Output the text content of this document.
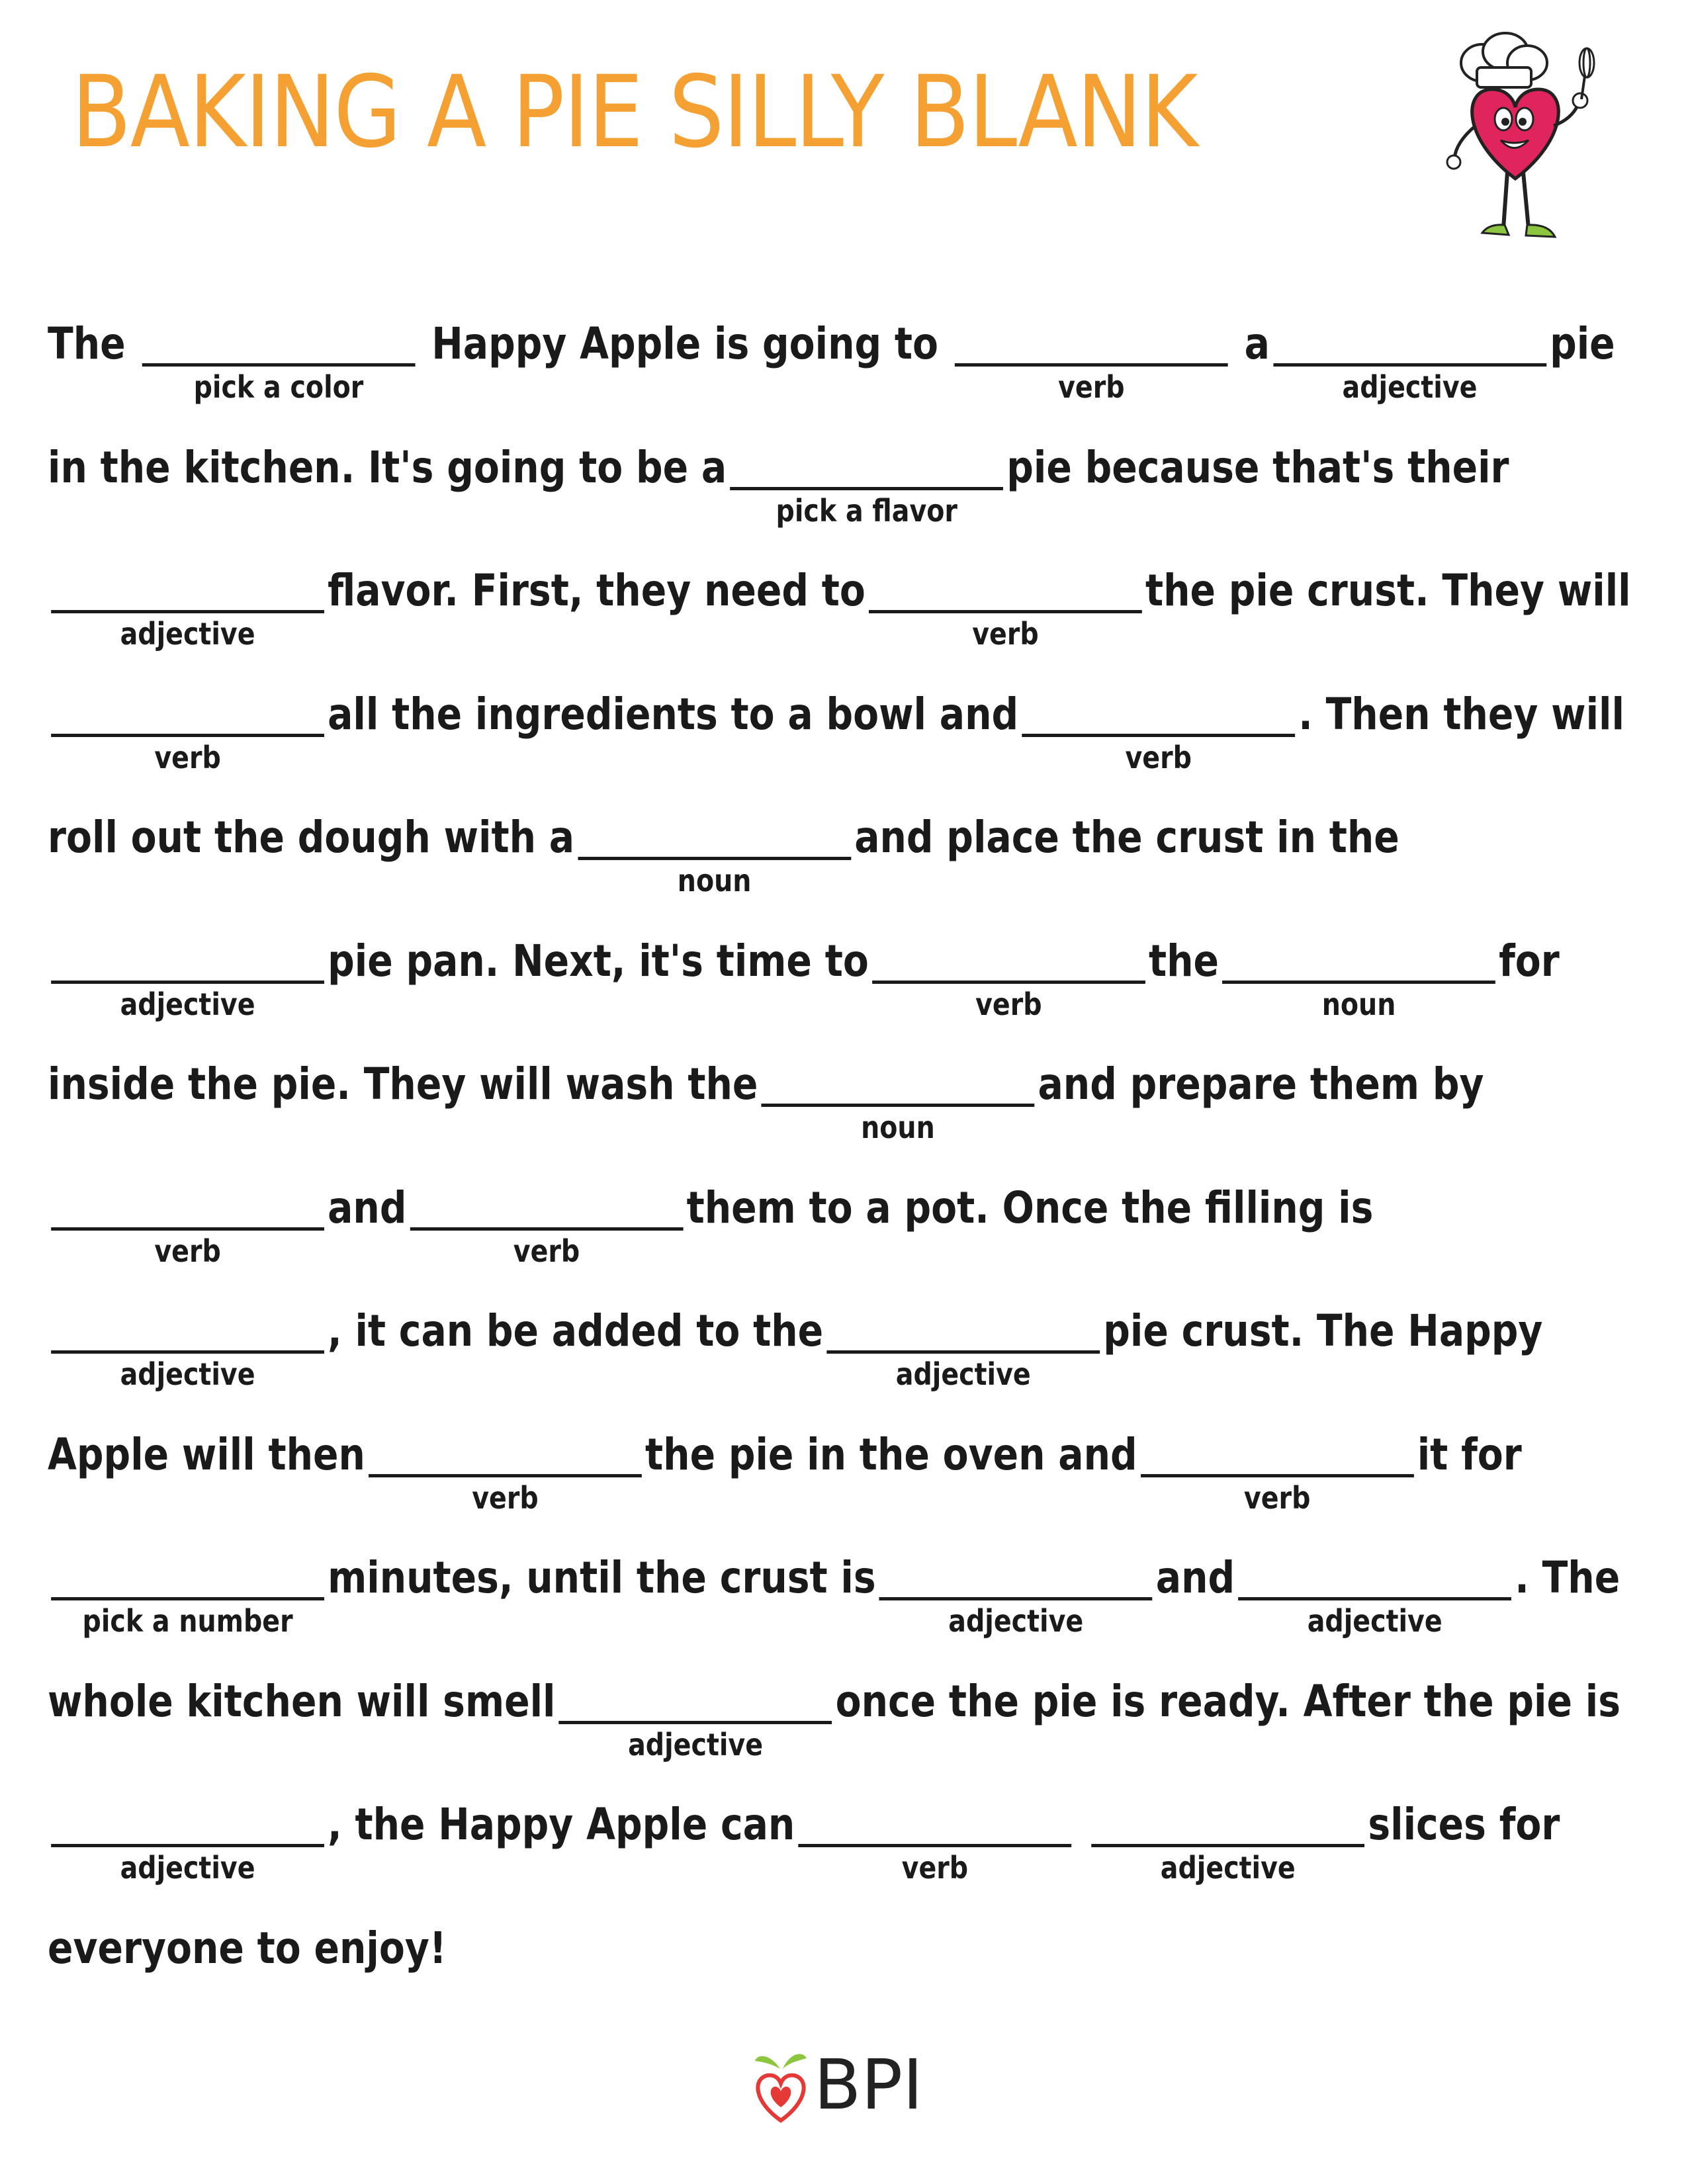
BAKING A PIE SILLY BLANK
The
pick a color
Happy Apple is going to
verb
a
adjective
pie
in the kitchen. It's going to be a
pick a flavor
pie because that's their
adjective
flavor. First, they need to
verb
the pie crust. They will
verb
all the ingredients to a bowl and
verb
. Then they will
roll out the dough with a
noun
and place the crust in the
adjective
pie pan. Next, it's time to
verb
the
noun
for
inside the pie. They will wash the
noun
and prepare them by
verb
and
verb
them to a pot. Once the filling is
adjective
, it can be added to the
adjective
pie crust. The Happy
Apple will then
verb
the pie in the oven and
verb
it for
pick a number
minutes, until the crust is
adjective
and
adjective
. The
whole kitchen will smell
adjective
once the pie is ready. After the pie is
adjective
, the Happy Apple can
verb
	adjective
slices for
everyone to enjoy!
BPI
